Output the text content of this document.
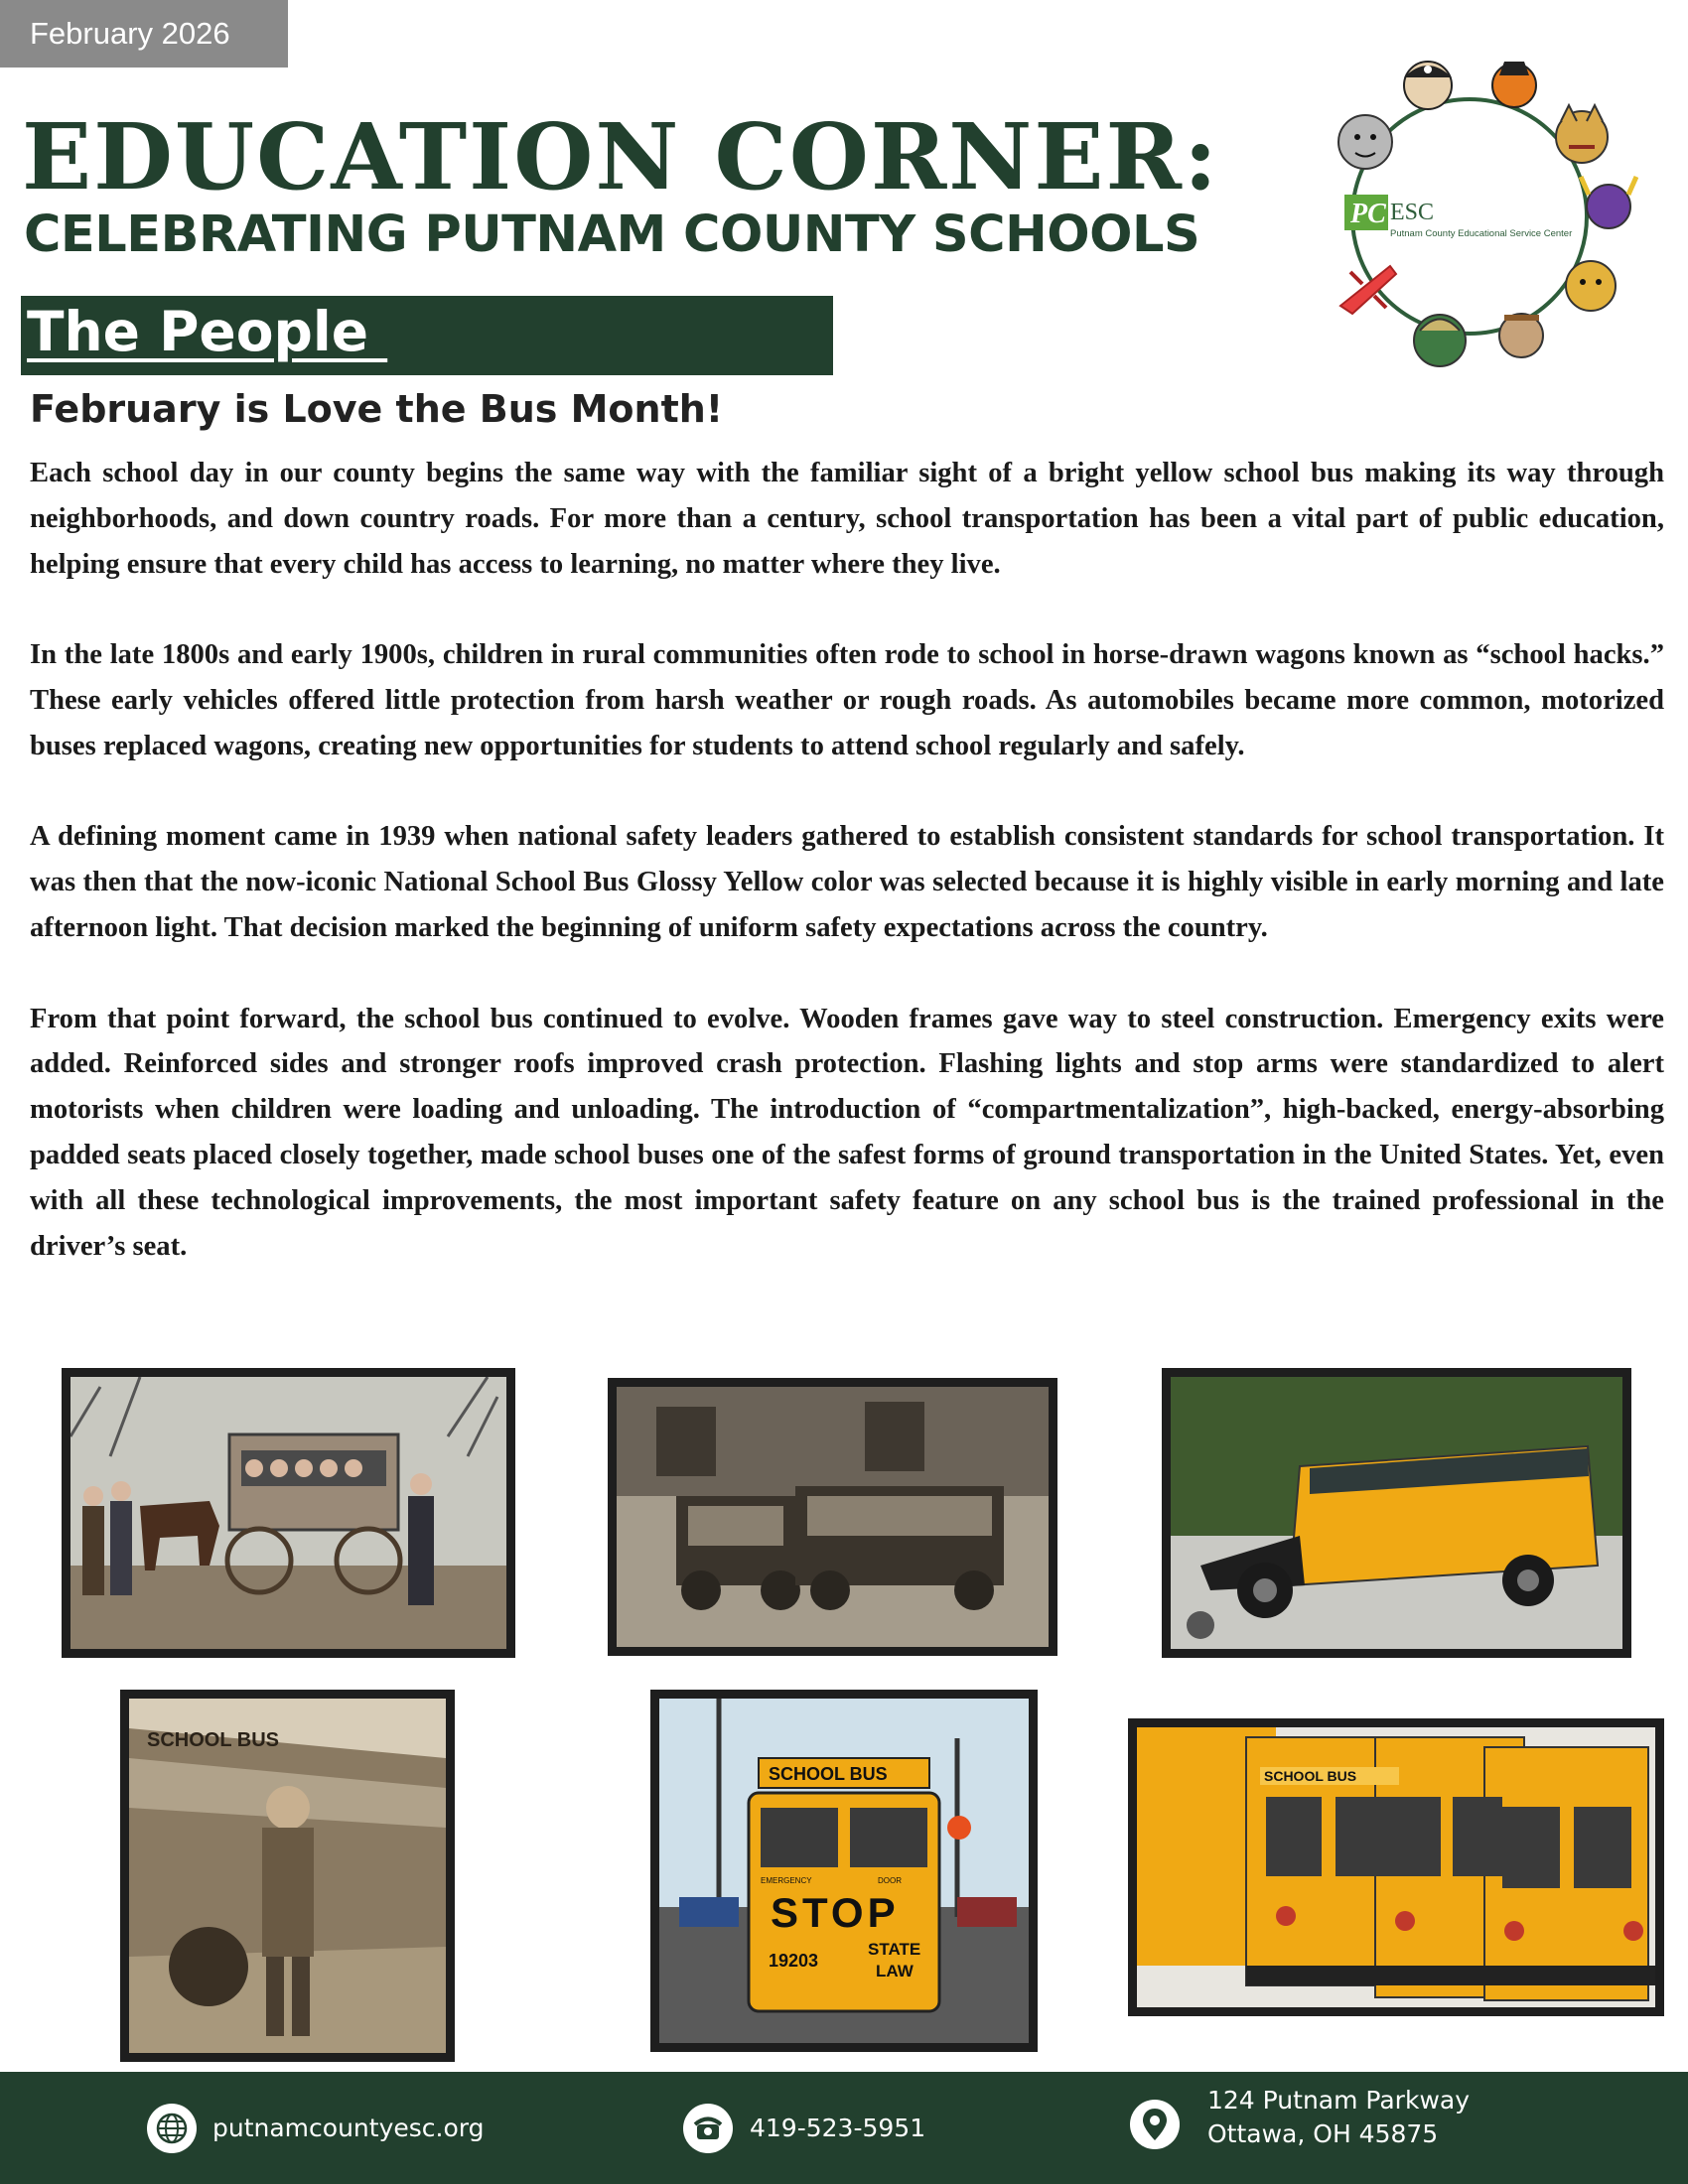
February 2026
EDUCATION CORNER:
CELEBRATING PUTNAM COUNTY SCHOOLS
The People
February is Love the Bus Month!

Each school day in our county begins the same way with the familiar sight of a bright yellow school bus making its way through neighborhoods, and down country roads. For more than a century, school transportation has been a vital part of public education, helping ensure that every child has access to learning, no matter where they live.

In the late 1800s and early 1900s, children in rural communities often rode to school in horse-drawn wagons known as “school hacks.” These early vehicles offered little protection from harsh weather or rough roads. As automobiles became more common, motorized buses replaced wagons, creating new opportunities for students to attend school regularly and safely.

A defining moment came in 1939 when national safety leaders gathered to establish consistent standards for school transportation. It was then that the now-iconic National School Bus Glossy Yellow color was selected because it is highly visible in early morning and late afternoon light. That decision marked the beginning of uniform safety expectations across the country.

From that point forward, the school bus continued to evolve. Wooden frames gave way to steel construction. Emergency exits were added. Reinforced sides and stronger roofs improved crash protection. Flashing lights and stop arms were standardized to alert motorists when children were loading and unloading. The introduction of “compartmentalization”, high-backed, energy-absorbing padded seats placed closely together, made school buses one of the safest forms of ground transportation in the United States. Yet, even with all these technological improvements, the most important safety feature on any school bus is the trained professional in the driver’s seat.

PC ESC
Putnam County Educational Service Center
SCHOOL BUS
SCHOOL BUS
EMERGENCY	DOOR
STOP
19203
STATE
LAW
SCHOOL BUS
putnamcountyesc.org	419-523-5951
124 Putnam Parkway
Ottawa, OH 45875
